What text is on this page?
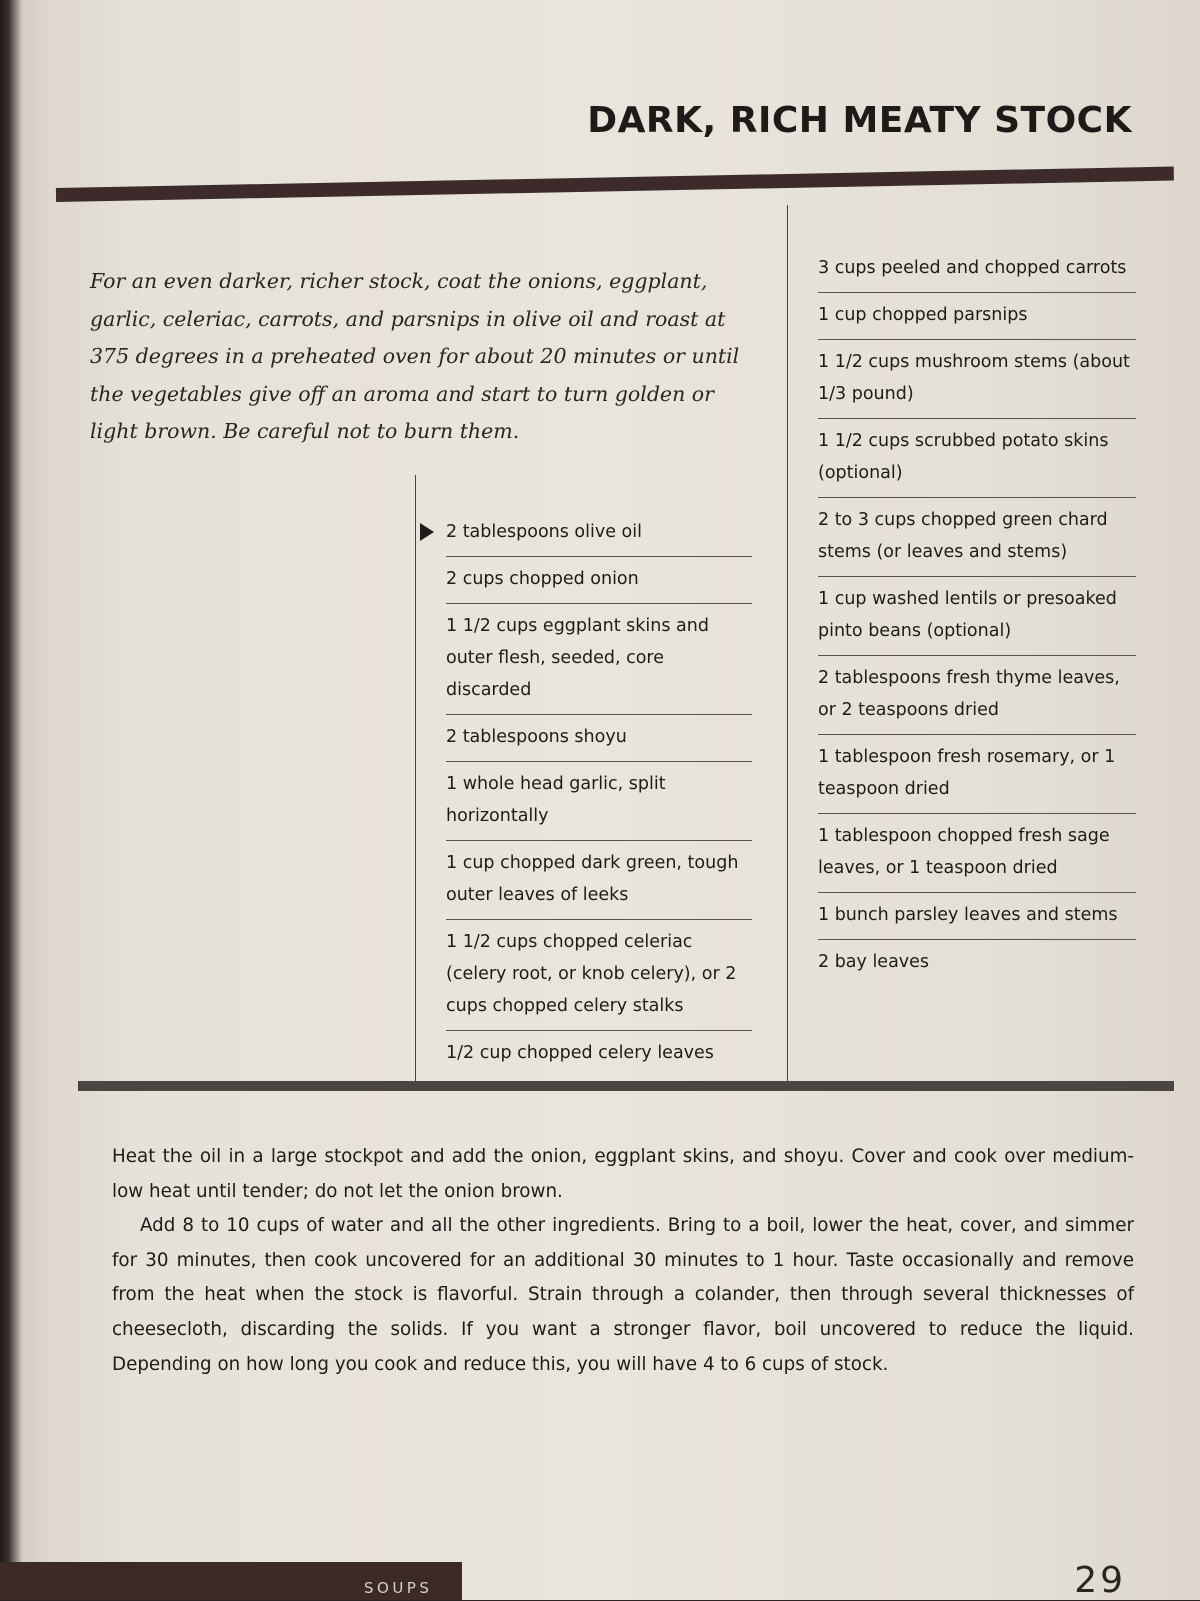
DARK, RICH MEATY STOCK

For an even darker, richer stock, coat the onions, eggplant, garlic, celeriac, carrots, and parsnips in olive oil and roast at 375 degrees in a preheated oven for about 20 minutes or until the vegetables give off an aroma and start to turn golden or light brown. Be careful not to burn them.

2 tablespoons olive oil
2 cups chopped onion
1 1/2 cups eggplant skins and outer flesh, seeded, core discarded
2 tablespoons shoyu
1 whole head garlic, split horizontally
1 cup chopped dark green, tough outer leaves of leeks
1 1/2 cups chopped celeriac (celery root, or knob celery), or 2 cups chopped celery stalks
1/2 cup chopped celery leaves
3 cups peeled and chopped carrots
1 cup chopped parsnips
1 1/2 cups mushroom stems (about 1/3 pound)
1 1/2 cups scrubbed potato skins (optional)
2 to 3 cups chopped green chard stems (or leaves and stems)
1 cup washed lentils or presoaked pinto beans (optional)
2 tablespoons fresh thyme leaves, or 2 teaspoons dried
1 tablespoon fresh rosemary, or 1 teaspoon dried
1 tablespoon chopped fresh sage leaves, or 1 teaspoon dried
1 bunch parsley leaves and stems
2 bay leaves

Heat the oil in a large stockpot and add the onion, eggplant skins, and shoyu. Cover and cook over medium-low heat until tender; do not let the onion brown.

Add 8 to 10 cups of water and all the other ingredients. Bring to a boil, lower the heat, cover, and simmer for 30 minutes, then cook uncovered for an additional 30 minutes to 1 hour. Taste occasionally and remove from the heat when the stock is flavorful. Strain through a colander, then through several thicknesses of cheesecloth, discarding the solids. If you want a stronger flavor, boil uncovered to reduce the liquid. Depending on how long you cook and reduce this, you will have 4 to 6 cups of stock.

SOUPS	29
